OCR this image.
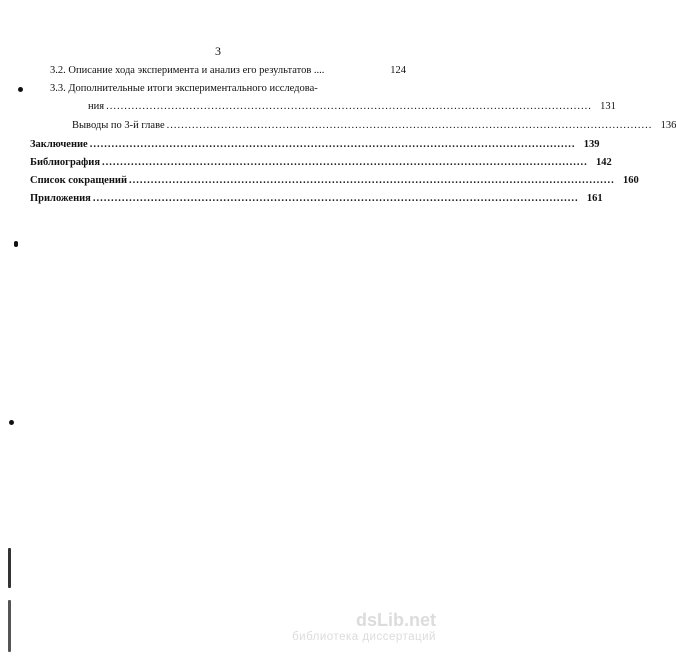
3
3.2. Описание хода эксперимента и анализ его результатов ....	124
3.3. Дополнительные итоги экспериментального исследова-
ния ...................................................................................................................................... 131
Выводы по 3-й главе ...................................................................................................................................... 136
Заключение ...................................................................................................................................... 139
Библиография ...................................................................................................................................... 142
Список сокращений ...................................................................................................................................... 160
Приложения ...................................................................................................................................... 161
dsLib.net
библиотека диссертаций
